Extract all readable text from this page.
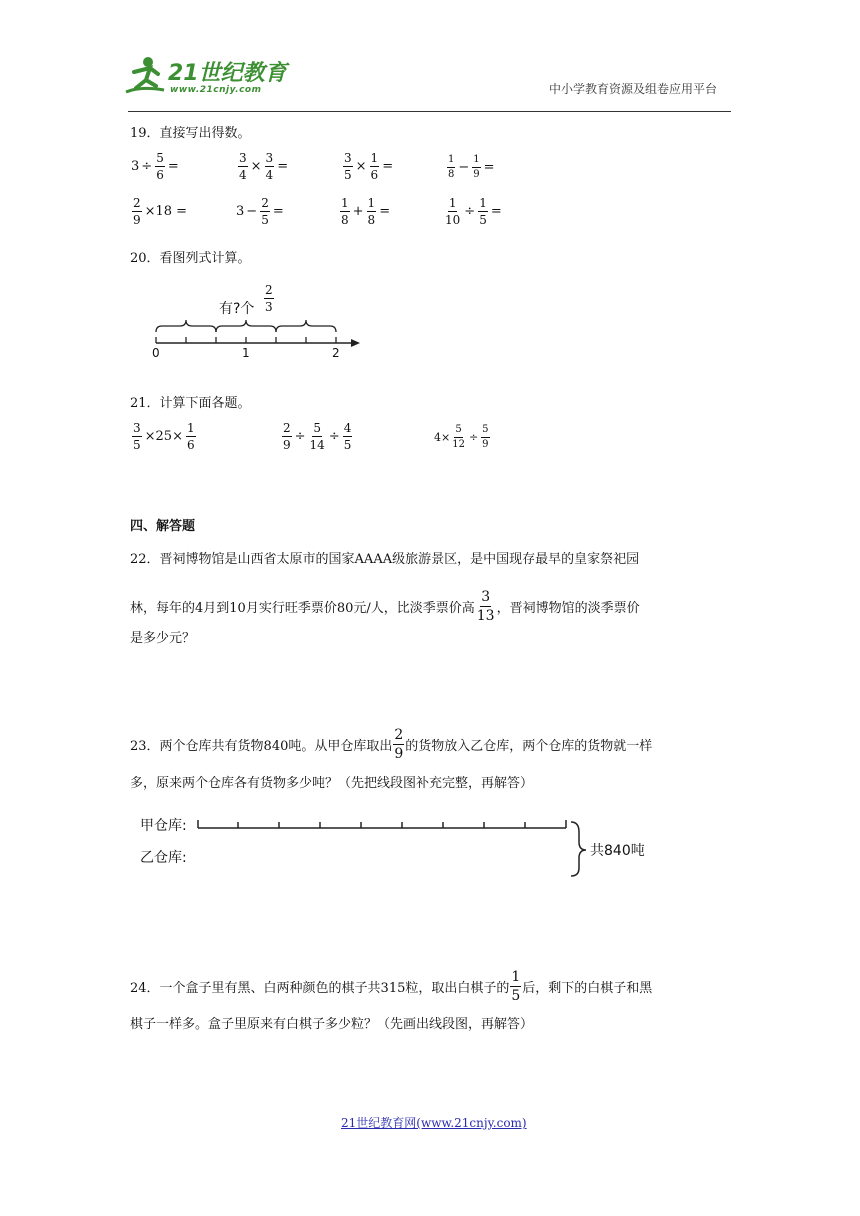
21世纪教育
www.21cnjy.com	中小学教育资源及组卷应用平台
19．直接写出得数。
$3 \div \frac{5}{6}$ =	$\frac{3}{4} \times \frac{3}{4}$ =	$\frac{3}{5} \times \frac{1}{6}$ =	$\frac{1}{8} - \frac{1}{9}$ =
$\frac{2}{9} \times 18$ =	$3 - \frac{2}{5}$ =	$\frac{1}{8} + \frac{1}{8}$ =	$\frac{1}{10} \div \frac{1}{5}$ =
20．看图列式计算。
有?个 $\frac{2}{3}$
0	1	2
21．计算下面各题。
$\frac{3}{5} \times 25\times \frac{1}{6}$	$\frac{2}{9} \div \frac{5}{14} \div \frac{4}{5}$	$4\times \frac{5}{12} \div \frac{5}{9}$
四、解答题
22．晋祠博物馆是山西省太原市的国家AAAA级旅游景区，是中国现存最早的皇家祭祀园
林，每年的4月到10月实行旺季票价80元/人，比淡季票价高 $\frac{3}{13}$ ，晋祠博物馆的淡季票价
是多少元？
23．两个仓库共有货物840吨。从甲仓库取出 $\frac{2}{9}$ 的货物放入乙仓库，两个仓库的货物就一样
多，原来两个仓库各有货物多少吨？（先把线段图补充完整，再解答）
甲仓库:
乙仓库:	共840吨
24．一个盒子里有黑、白两种颜色的棋子共315粒，取出白棋子的 $\frac{1}{5}$ 后，剩下的白棋子和黑
棋子一样多。盒子里原来有白棋子多少粒？（先画出线段图，再解答）
21世纪教育网(www.21cnjy.com)
